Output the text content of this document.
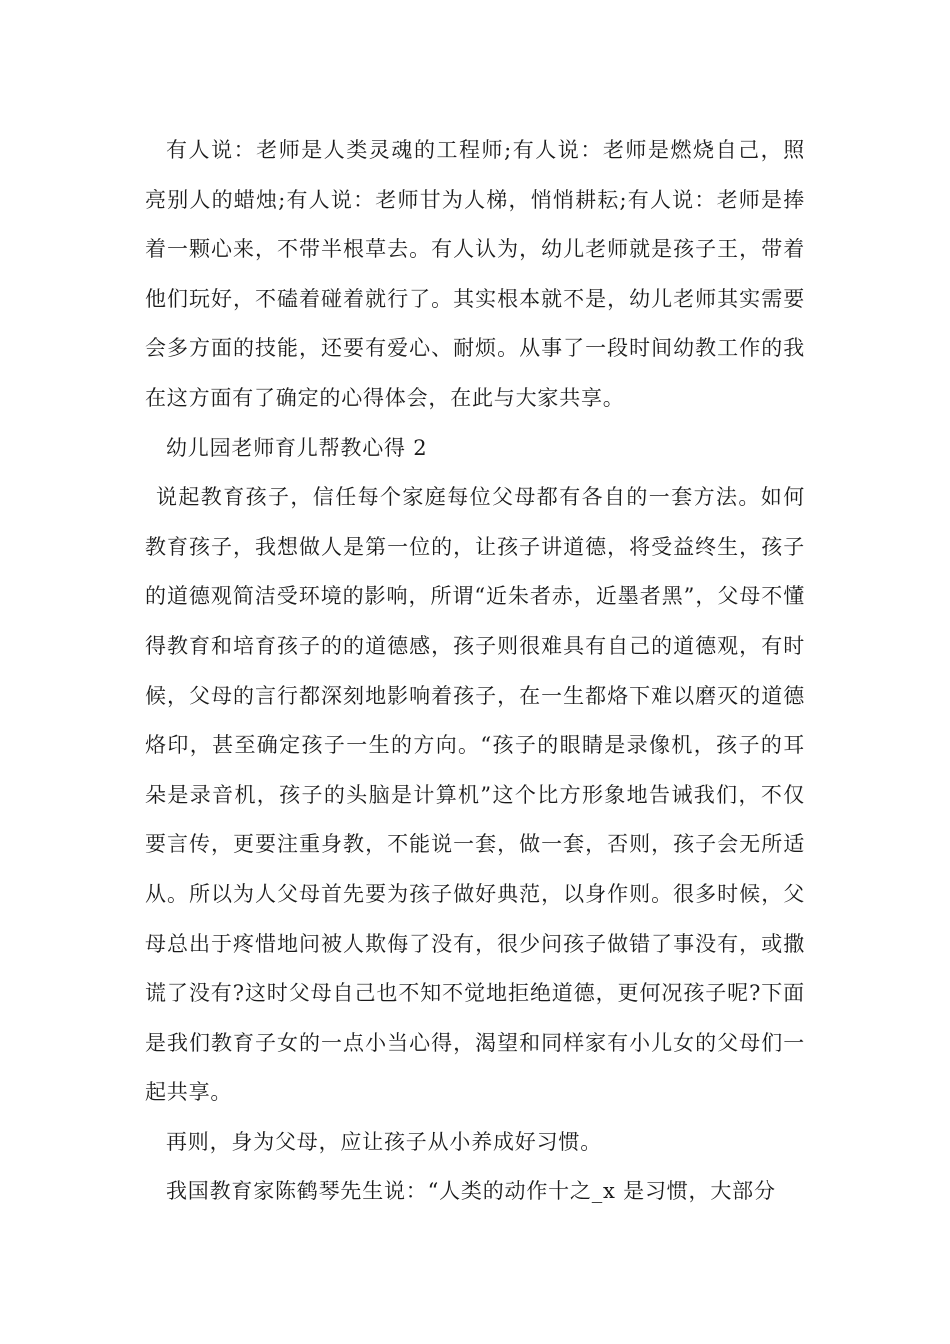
有人说：老师是人类灵魂的工程师;有人说：老师是燃烧自己，照亮别人的蜡烛;有人说：老师甘为人梯，悄悄耕耘;有人说：老师是捧着一颗心来，不带半根草去。有人认为，幼儿老师就是孩子王，带着他们玩好，不磕着碰着就行了。其实根本就不是，幼儿老师其实需要会多方面的技能，还要有爱心、耐烦。从事了一段时间幼教工作的我在这方面有了确定的心得体会，在此与大家共享。

幼儿园老师育儿帮教心得 2

说起教育孩子，信任每个家庭每位父母都有各自的一套方法。如何教育孩子，我想做人是第一位的，让孩子讲道德，将受益终生，孩子的道德观简洁受环境的影响，所谓“近朱者赤，近墨者黑”，父母不懂得教育和培育孩子的的道德感，孩子则很难具有自己的道德观，有时候，父母的言行都深刻地影响着孩子，在一生都烙下难以磨灭的道德烙印，甚至确定孩子一生的方向。“孩子的眼睛是录像机，孩子的耳朵是录音机，孩子的头脑是计算机”这个比方形象地告诫我们，不仅要言传，更要注重身教，不能说一套，做一套，否则，孩子会无所适从。所以为人父母首先要为孩子做好典范，以身作则。很多时候，父母总出于疼惜地问被人欺侮了没有，很少问孩子做错了事没有，或撒谎了没有?这时父母自己也不知不觉地拒绝道德，更何况孩子呢?下面是我们教育子女的一点小当心得，渴望和同样家有小儿女的父母们一起共享。

再则，身为父母，应让孩子从小养成好习惯。

我国教育家陈鹤琴先生说：“人类的动作十之_x 是习惯，大部分
